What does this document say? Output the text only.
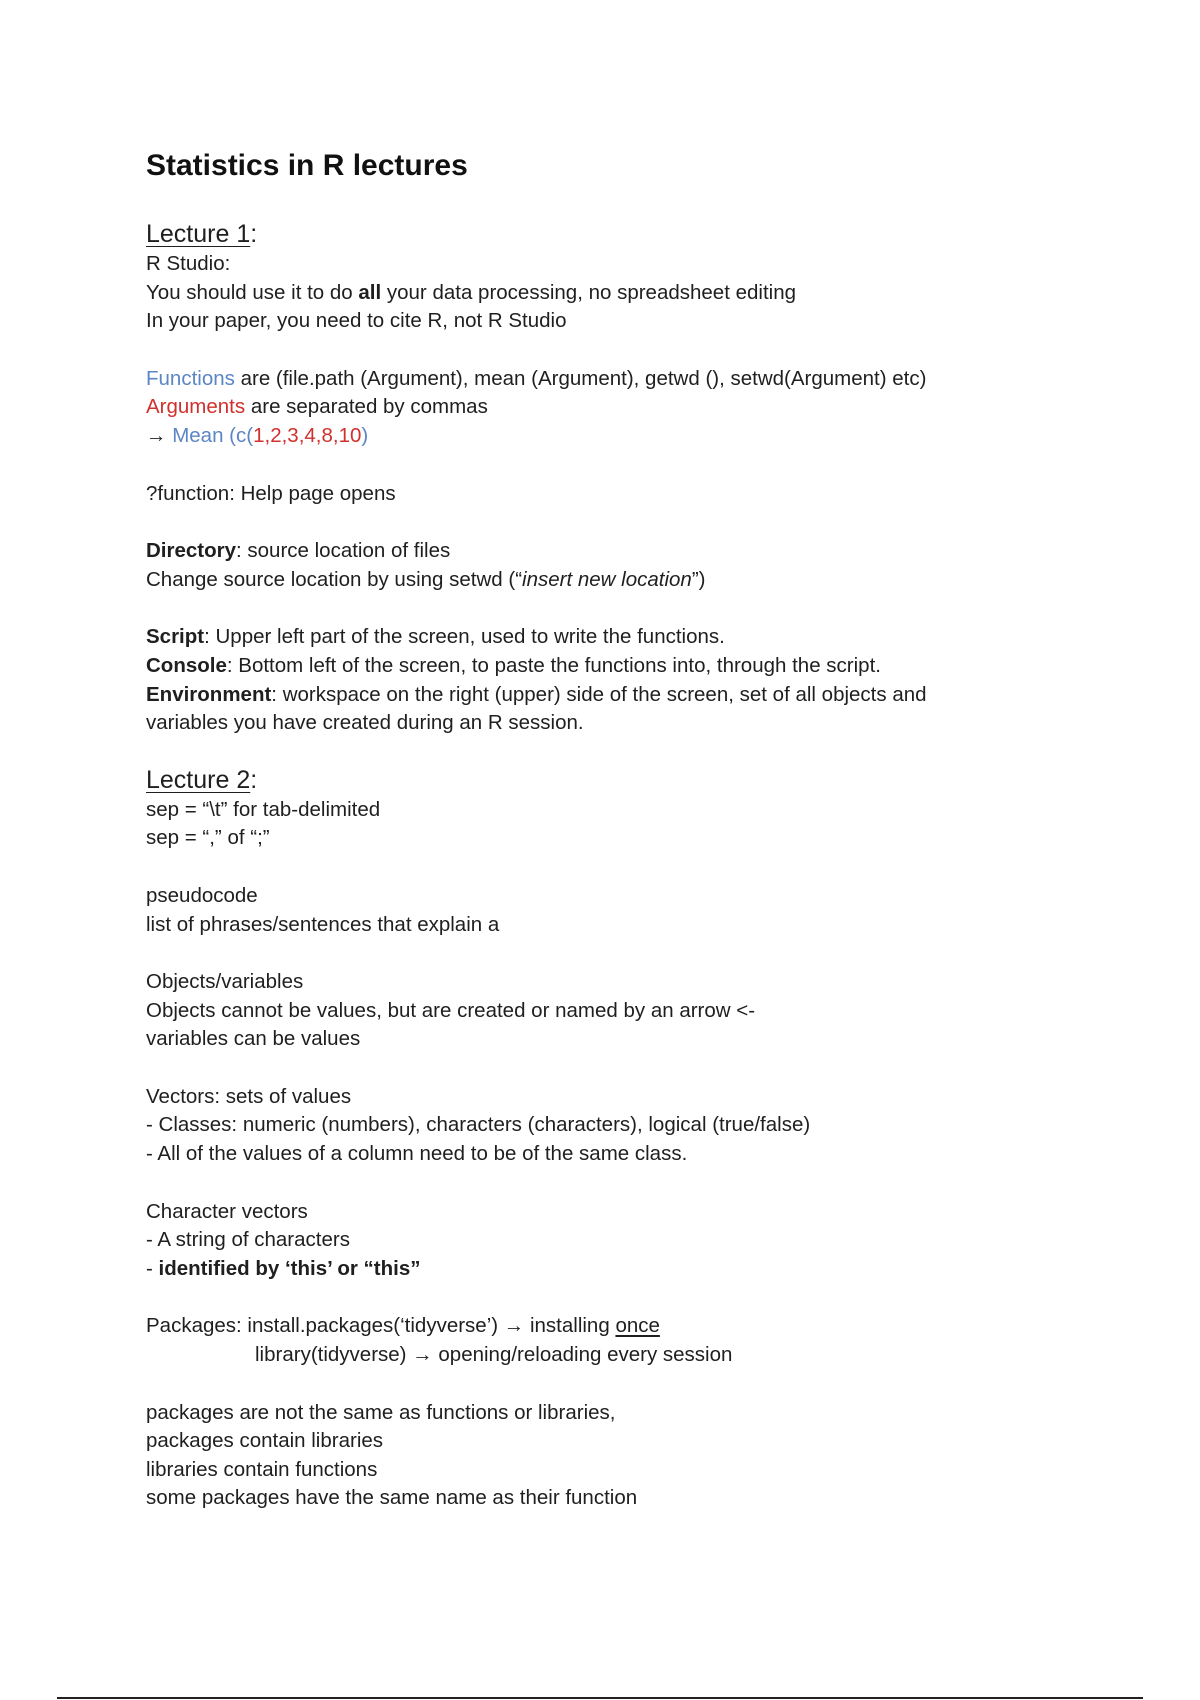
Statistics in R lectures
Lecture 1:
R Studio:
You should use it to do all your data processing, no spreadsheet editing
In your paper, you need to cite R, not R Studio
Functions are (file.path (Argument), mean (Argument), getwd (), setwd(Argument) etc)
Arguments are separated by commas
→ Mean (c(1,2,3,4,8,10)
?function: Help page opens
Directory: source location of files
Change source location by using setwd (“insert new location”)
Script: Upper left part of the screen, used to write the functions.
Console: Bottom left of the screen, to paste the functions into, through the script.
Environment: workspace on the right (upper) side of the screen, set of all objects and
variables you have created during an R session.
Lecture 2:
sep = “\t” for tab-delimited
sep = “,” of “;”
pseudocode
list of phrases/sentences that explain a
Objects/variables
Objects cannot be values, but are created or named by an arrow <-
variables can be values
Vectors: sets of values
- Classes: numeric (numbers), characters (characters), logical (true/false)
- All of the values of a column need to be of the same class.
Character vectors
- A string of characters
- identified by ‘this’ or “this”
Packages: install.packages(‘tidyverse’) → installing once
library(tidyverse) → opening/reloading every session
packages are not the same as functions or libraries,
packages contain libraries
libraries contain functions
some packages have the same name as their function
